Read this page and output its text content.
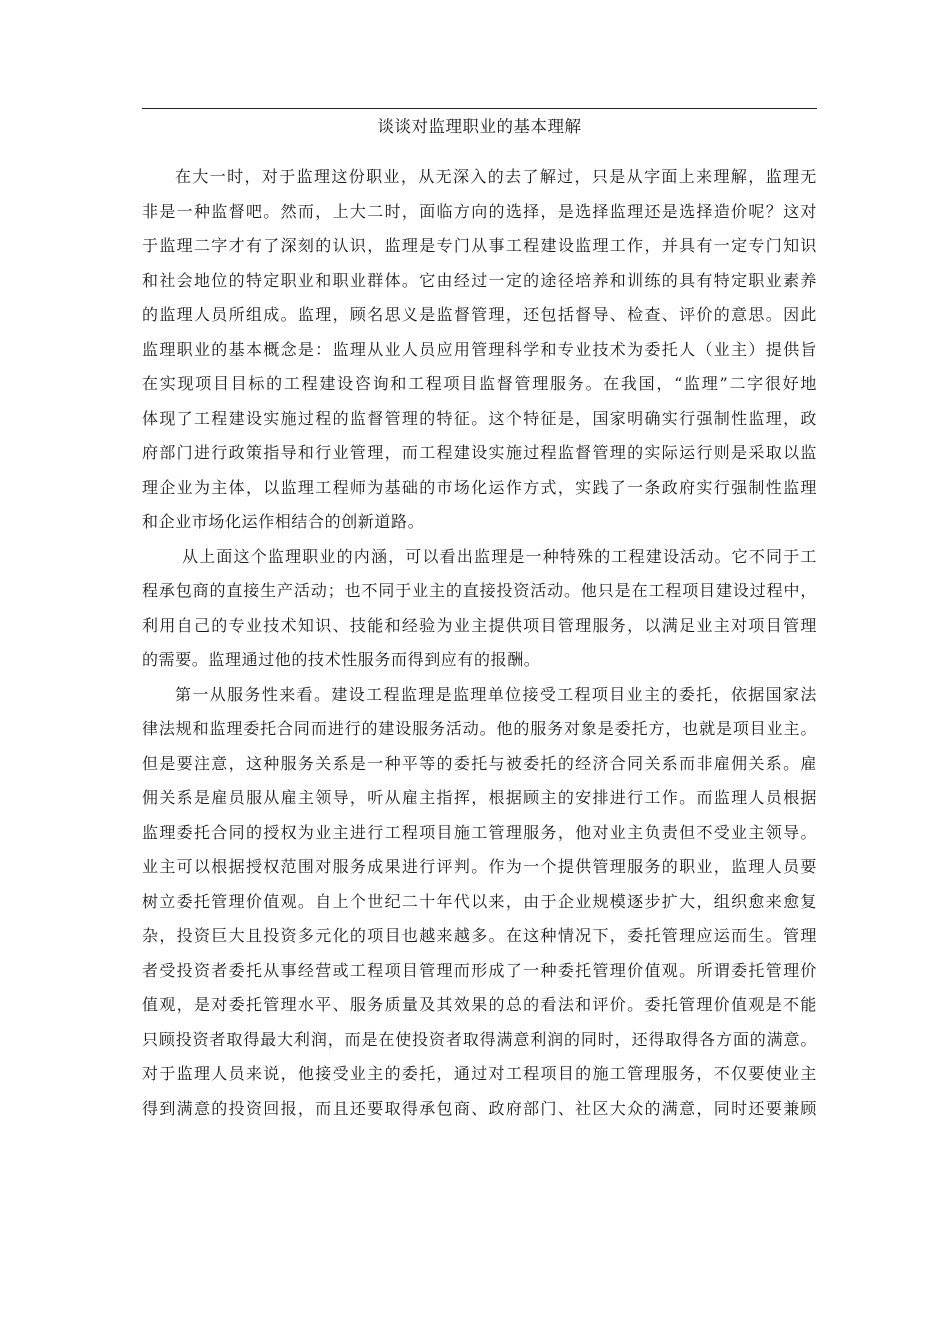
谈谈对监理职业的基本理解
在大一时，对于监理这份职业，从无深入的去了解过，只是从字面上来理解，监理无
非是一种监督吧。然而，上大二时，面临方向的选择，是选择监理还是选择造价呢？这对
于监理二字才有了深刻的认识，监理是专门从事工程建设监理工作，并具有一定专门知识
和社会地位的特定职业和职业群体。它由经过一定的途径培养和训练的具有特定职业素养
的监理人员所组成。监理，顾名思义是监督管理，还包括督导、检查、评价的意思。因此
监理职业的基本概念是：监理从业人员应用管理科学和专业技术为委托人（业主）提供旨
在实现项目目标的工程建设咨询和工程项目监督管理服务。在我国，“监理”二字很好地
体现了工程建设实施过程的监督管理的特征。这个特征是，国家明确实行强制性监理，政
府部门进行政策指导和行业管理，而工程建设实施过程监督管理的实际运行则是采取以监
理企业为主体，以监理工程师为基础的市场化运作方式，实践了一条政府实行强制性监理
和企业市场化运作相结合的创新道路。
从上面这个监理职业的内涵，可以看出监理是一种特殊的工程建设活动。它不同于工
程承包商的直接生产活动；也不同于业主的直接投资活动。他只是在工程项目建设过程中，
利用自己的专业技术知识、技能和经验为业主提供项目管理服务，以满足业主对项目管理
的需要。监理通过他的技术性服务而得到应有的报酬。
第一从服务性来看。建设工程监理是监理单位接受工程项目业主的委托，依据国家法
律法规和监理委托合同而进行的建设服务活动。他的服务对象是委托方，也就是项目业主。
但是要注意，这种服务关系是一种平等的委托与被委托的经济合同关系而非雇佣关系。雇
佣关系是雇员服从雇主领导，听从雇主指挥，根据顾主的安排进行工作。而监理人员根据
监理委托合同的授权为业主进行工程项目施工管理服务，他对业主负责但不受业主领导。
业主可以根据授权范围对服务成果进行评判。作为一个提供管理服务的职业，监理人员要
树立委托管理价值观。自上个世纪二十年代以来，由于企业规模逐步扩大，组织愈来愈复
杂，投资巨大且投资多元化的项目也越来越多。在这种情况下，委托管理应运而生。管理
者受投资者委托从事经营或工程项目管理而形成了一种委托管理价值观。所谓委托管理价
值观，是对委托管理水平、服务质量及其效果的总的看法和评价。委托管理价值观是不能
只顾投资者取得最大利润，而是在使投资者取得满意利润的同时，还得取得各方面的满意。
对于监理人员来说，他接受业主的委托，通过对工程项目的施工管理服务，不仅要使业主
得到满意的投资回报，而且还要取得承包商、政府部门、社区大众的满意，同时还要兼顾
